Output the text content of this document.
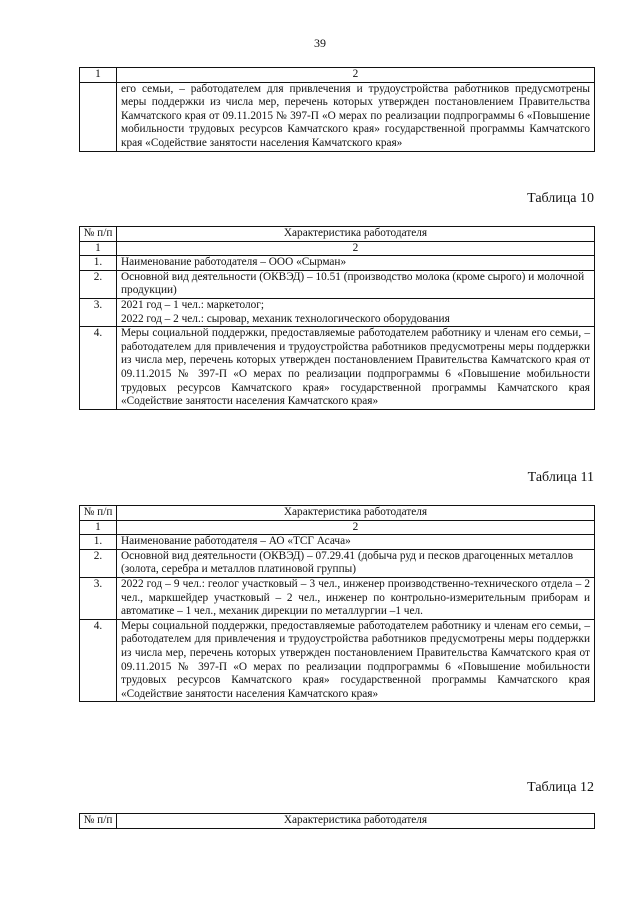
39
1	2
	его семьи, – работодателем для привлечения и трудоустройства работников предусмотрены меры поддержки из числа мер, перечень которых утвержден постановлением Правительства Камчатского края от 09.11.2015 № 397-П «О мерах по реализации подпрограммы 6 «Повышение мобильности трудовых ресурсов Камчатского края» государственной программы Камчатского края «Содействие занятости населения Камчатского края»
Таблица 10
№ п/п	Характеристика работодателя
1	2
1.	Наименование работодателя – ООО «Сырман»
2.	Основной вид деятельности (ОКВЭД) – 10.51 (производство молока (кроме сырого) и молочной продукции)
3.	2021 год – 1 чел.: маркетолог;
2022 год – 2 чел.: сыровар, механик технологического оборудования

4.	Меры социальной поддержки, предоставляемые работодателем работнику и членам его семьи, – работодателем для привлечения и трудоустройства работников предусмотрены меры поддержки из числа мер, перечень которых утвержден постановлением Правительства Камчатского края от 09.11.2015 № 397-П «О мерах по реализации подпрограммы 6 «Повышение мобильности трудовых ресурсов Камчатского края» государственной программы Камчатского края «Содействие занятости населения Камчатского края»
Таблица 11
№ п/п	Характеристика работодателя
1	2
1.	Наименование работодателя – АО «ТСГ Асача»
2.	Основной вид деятельности (ОКВЭД) – 07.29.41 (добыча руд и песков драгоценных металлов (золота, серебра и металлов платиновой группы)
3.	2022 год – 9 чел.: геолог участковый – 3 чел., инженер производственно-технического отдела – 2 чел., маркшейдер участковый – 2 чел., инженер по контрольно-измерительным приборам и автоматике – 1 чел., механик дирекции по металлургии –1 чел.
4.	Меры социальной поддержки, предоставляемые работодателем работнику и членам его семьи, – работодателем для привлечения и трудоустройства работников предусмотрены меры поддержки из числа мер, перечень которых утвержден постановлением Правительства Камчатского края от 09.11.2015 № 397-П «О мерах по реализации подпрограммы 6 «Повышение мобильности трудовых ресурсов Камчатского края» государственной программы Камчатского края «Содействие занятости населения Камчатского края»
Таблица 12
№ п/п	Характеристика работодателя
